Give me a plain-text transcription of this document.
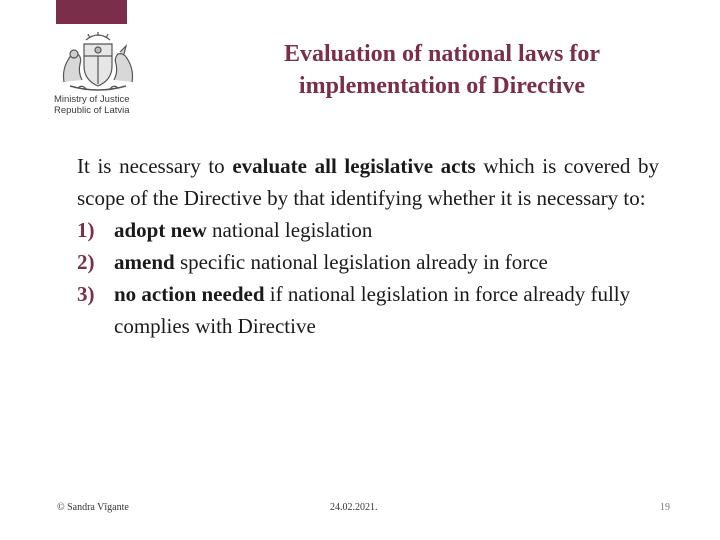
Ministry of Justice
Republic of Latvia
Evaluation of national laws for
implementation of Directive

It is necessary to evaluate all legislative acts which is covered by scope of the Directive by that identifying whether it is necessary to:

1) adopt new national legislation
2) amend specific national legislation already in force
3) no action needed if national legislation in force already fully complies with Directive
© Sandra Vīgante	24.02.2021.	19
